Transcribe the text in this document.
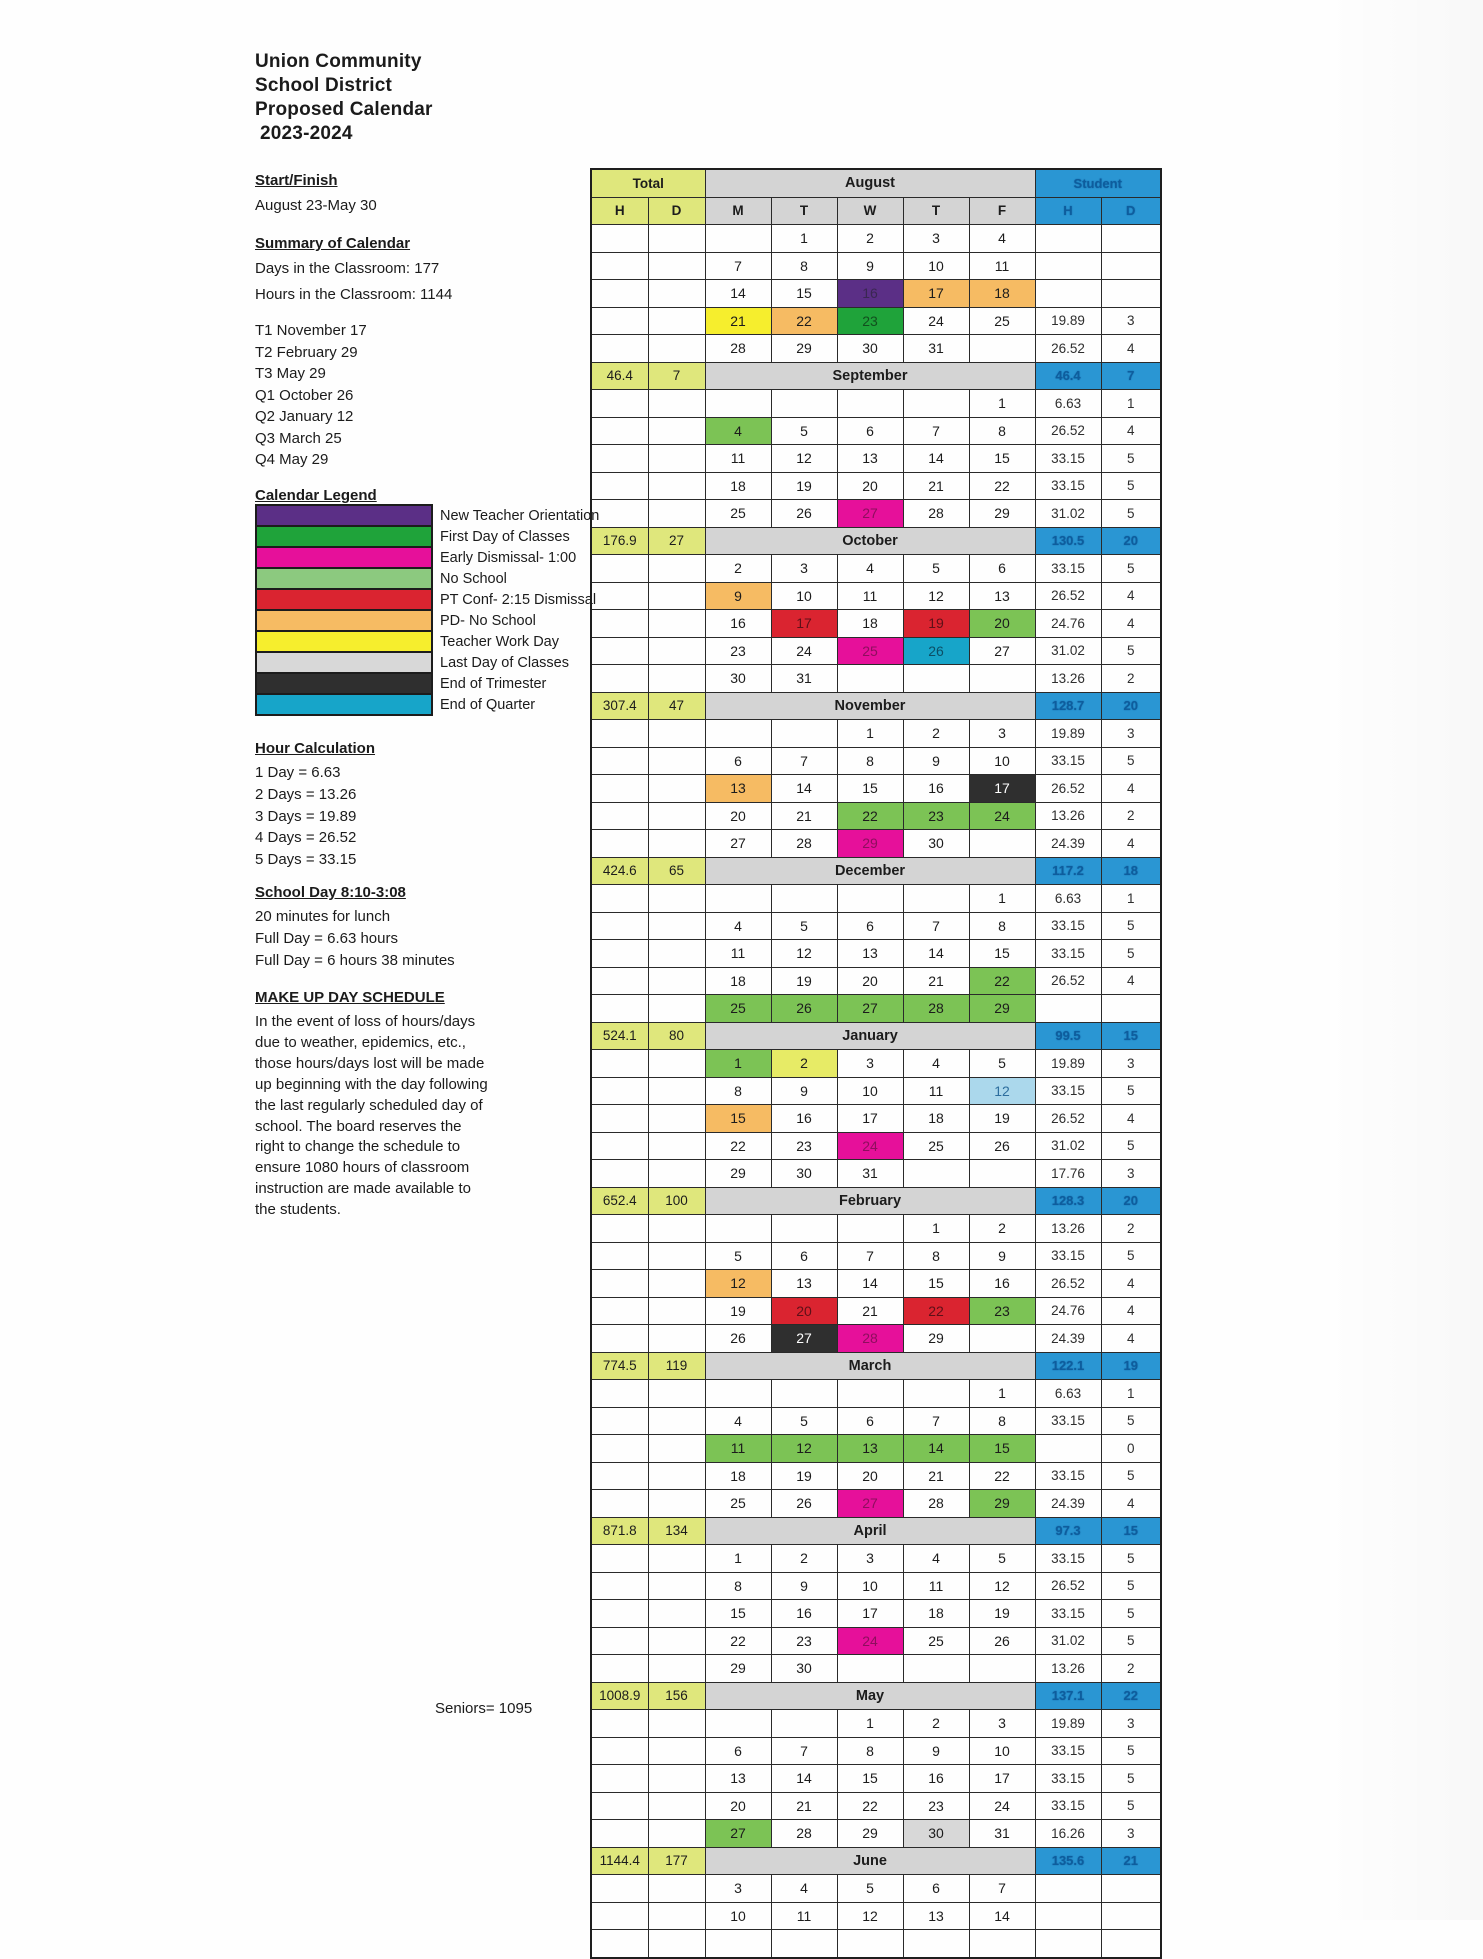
Union Community
School District
Proposed Calendar
2023-2024
Start/Finish
August 23-May 30
Summary of Calendar
Days in the Classroom: 177
Hours in the Classroom: 1144
T1 November 17
T2 February 29
T3 May 29
Q1 October 26
Q2 January 12
Q3 March 25
Q4 May 29
Calendar Legend
New Teacher Orientation
First Day of Classes
Early Dismissal- 1:00
No School
PT Conf- 2:15 Dismissal
PD- No School
Teacher Work Day
Last Day of Classes
End of Trimester
End of Quarter
Hour Calculation
1 Day = 6.63
2 Days = 13.26
3 Days = 19.89
4 Days = 26.52
5 Days = 33.15
School Day 8:10-3:08
20 minutes for lunch
Full Day = 6.63 hours
Full Day = 6 hours 38 minutes
MAKE UP DAY SCHEDULE
In the event of loss of hours/days
due to weather, epidemics, etc.,
those hours/days lost will be made
up beginning with the day following
the last regularly scheduled day of
school. The board reserves the
right to change the schedule to
ensure 1080 hours of classroom
instruction are made available to
the students.
Seniors= 1095
Total		August					Student	
H	D	M	T	W	T	F	H	D
			1	2	3	4		
		7	8	9	10	11		
		14	15	16	17	18		
		21	22	23	24	25	19.89	3
		28	29	30	31		26.52	4
46.4	7	September					46.4	7
						1	6.63	1
		4	5	6	7	8	26.52	4
		11	12	13	14	15	33.15	5
		18	19	20	21	22	33.15	5
		25	26	27	28	29	31.02	5
176.9	27	October					130.5	20
		2	3	4	5	6	33.15	5
		9	10	11	12	13	26.52	4
		16	17	18	19	20	24.76	4
		23	24	25	26	27	31.02	5
		30	31				13.26	2
307.4	47	November					128.7	20
				1	2	3	19.89	3
		6	7	8	9	10	33.15	5
		13	14	15	16	17	26.52	4
		20	21	22	23	24	13.26	2
		27	28	29	30		24.39	4
424.6	65	December					117.2	18
						1	6.63	1
		4	5	6	7	8	33.15	5
		11	12	13	14	15	33.15	5
		18	19	20	21	22	26.52	4
		25	26	27	28	29		
524.1	80	January					99.5	15
		1	2	3	4	5	19.89	3
		8	9	10	11	12	33.15	5
		15	16	17	18	19	26.52	4
		22	23	24	25	26	31.02	5
		29	30	31			17.76	3
652.4	100	February					128.3	20
					1	2	13.26	2
		5	6	7	8	9	33.15	5
		12	13	14	15	16	26.52	4
		19	20	21	22	23	24.76	4
		26	27	28	29		24.39	4
774.5	119	March					122.1	19
						1	6.63	1
		4	5	6	7	8	33.15	5
		11	12	13	14	15		0
		18	19	20	21	22	33.15	5
		25	26	27	28	29	24.39	4
871.8	134	April					97.3	15
		1	2	3	4	5	33.15	5
		8	9	10	11	12	26.52	5
		15	16	17	18	19	33.15	5
		22	23	24	25	26	31.02	5
		29	30				13.26	2
1008.9	156	May					137.1	22
				1	2	3	19.89	3
		6	7	8	9	10	33.15	5
		13	14	15	16	17	33.15	5
		20	21	22	23	24	33.15	5
		27	28	29	30	31	16.26	3
1144.4	177	June					135.6	21
		3	4	5	6	7		
		10	11	12	13	14		
